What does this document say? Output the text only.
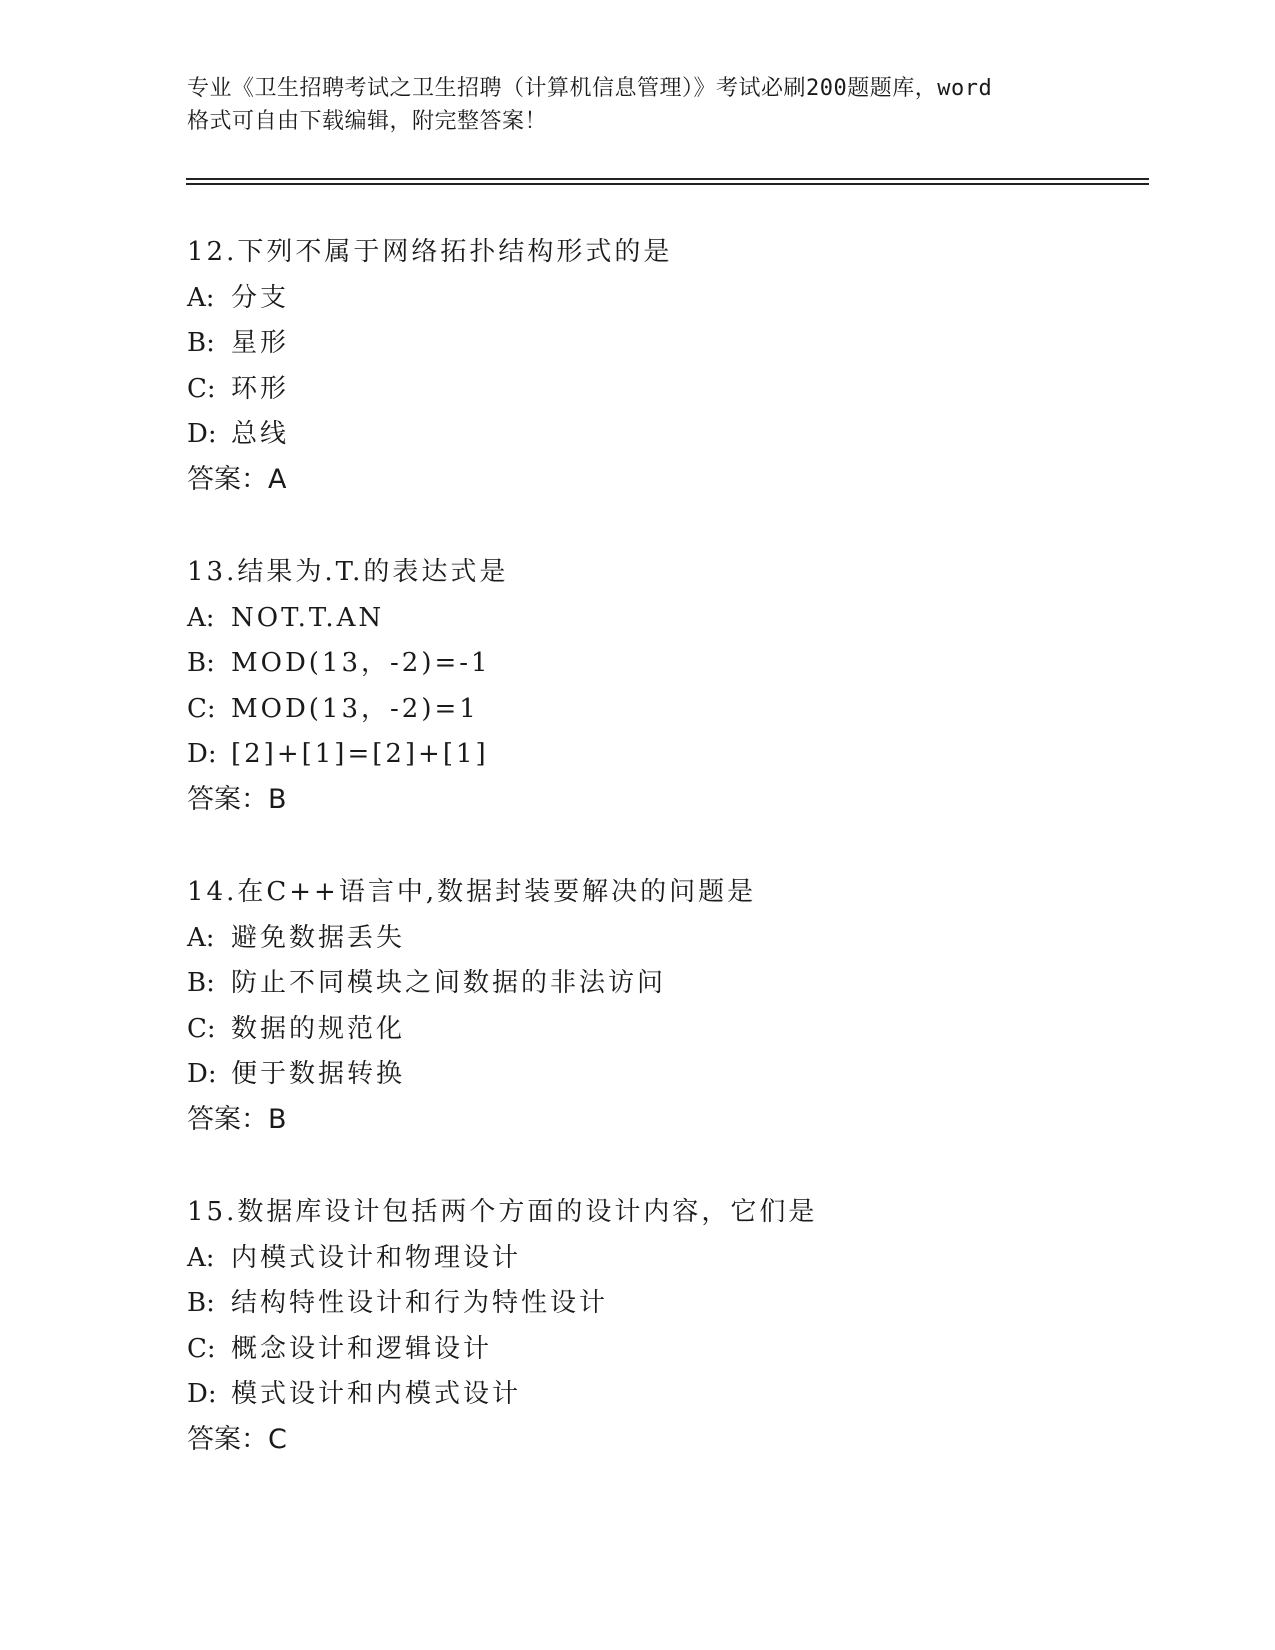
专业《卫生招聘考试之卫生招聘（计算机信息管理）》考试必刷200题题库，word
格式可自由下载编辑，附完整答案！
12.下列不属于网络拓扑结构形式的是
A: 分支
B: 星形
C: 环形
D: 总线
答案：A
13.结果为.T.的表达式是
A: NOT.T.AN
B: MOD(13，-2)=-1
C: MOD(13，-2)=1
D: [2]+[1]=[2]+[1]
答案：B
14.在C++语言中,数据封装要解决的问题是
A: 避免数据丢失
B: 防止不同模块之间数据的非法访问
C: 数据的规范化
D: 便于数据转换
答案：B
15.数据库设计包括两个方面的设计内容，它们是
A: 内模式设计和物理设计
B: 结构特性设计和行为特性设计
C: 概念设计和逻辑设计
D: 模式设计和内模式设计
答案：C
